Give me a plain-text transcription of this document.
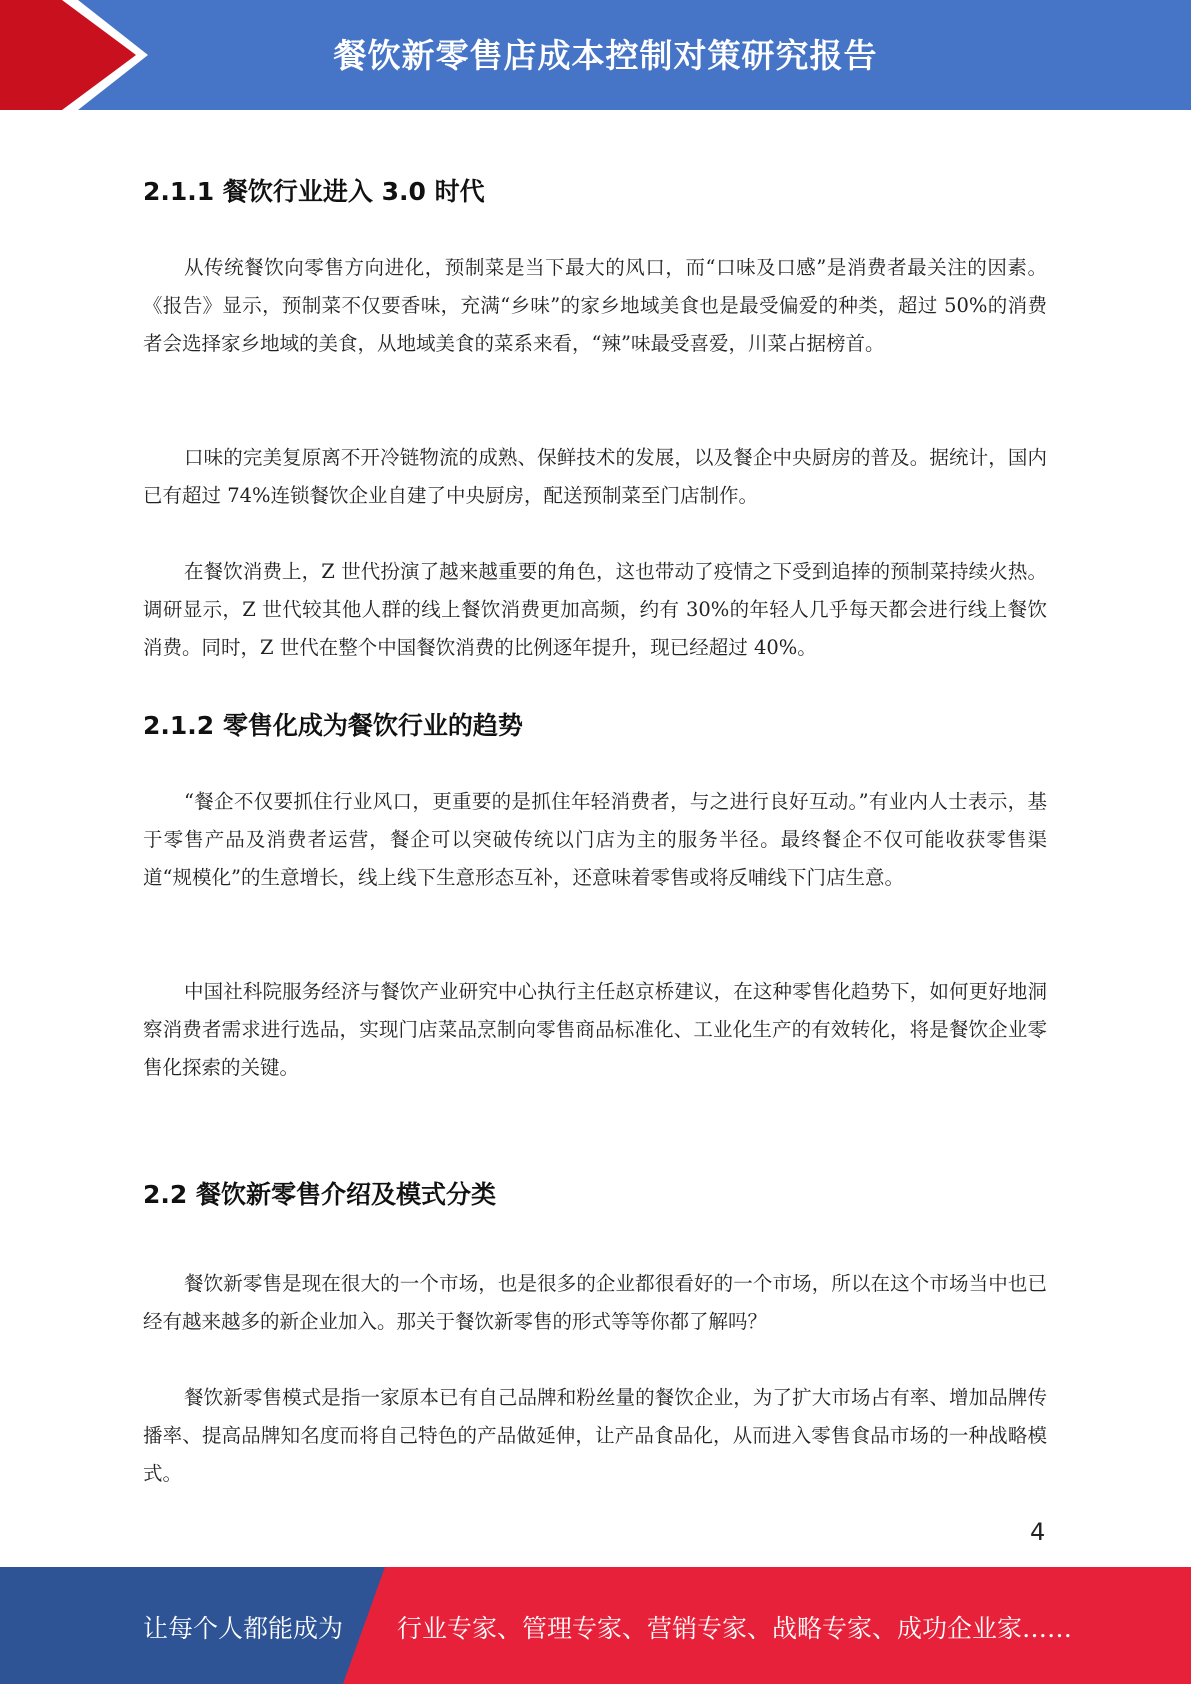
餐饮新零售店成本控制对策研究报告
2.1.1 餐饮行业进入 3.0 时代

从传统餐饮向零售方向进化，预制菜是当下最大的风口，而“口味及口感”是消费者最关注的因素。《报告》显示，预制菜不仅要香味，充满“乡味”的家乡地域美食也是最受偏爱的种类，超过 50%的消费者会选择家乡地域的美食，从地域美食的菜系来看，“辣”味最受喜爱，川菜占据榜首。

口味的完美复原离不开冷链物流的成熟、保鲜技术的发展，以及餐企中央厨房的普及。据统计，国内已有超过 74%连锁餐饮企业自建了中央厨房，配送预制菜至门店制作。

在餐饮消费上，Z 世代扮演了越来越重要的角色，这也带动了疫情之下受到追捧的预制菜持续火热。调研显示，Z 世代较其他人群的线上餐饮消费更加高频，约有 30%的年轻人几乎每天都会进行线上餐饮消费。同时，Z 世代在整个中国餐饮消费的比例逐年提升，现已经超过 40%。

2.1.2 零售化成为餐饮行业的趋势

“餐企不仅要抓住行业风口，更重要的是抓住年轻消费者，与之进行良好互动。”有业内人士表示，基于零售产品及消费者运营，餐企可以突破传统以门店为主的服务半径。最终餐企不仅可能收获零售渠道“规模化”的生意增长，线上线下生意形态互补，还意味着零售或将反哺线下门店生意。

中国社科院服务经济与餐饮产业研究中心执行主任赵京桥建议，在这种零售化趋势下，如何更好地洞察消费者需求进行选品，实现门店菜品烹制向零售商品标准化、工业化生产的有效转化，将是餐饮企业零售化探索的关键。

2.2 餐饮新零售介绍及模式分类

餐饮新零售是现在很大的一个市场，也是很多的企业都很看好的一个市场，所以在这个市场当中也已经有越来越多的新企业加入。那关于餐饮新零售的形式等等你都了解吗？

餐饮新零售模式是指一家原本已有自己品牌和粉丝量的餐饮企业，为了扩大市场占有率、增加品牌传播率、提高品牌知名度而将自己特色的产品做延伸，让产品食品化，从而进入零售食品市场的一种战略模式。

4
让每个人都能成为 行业专家、管理专家、营销专家、战略专家、成功企业家……
